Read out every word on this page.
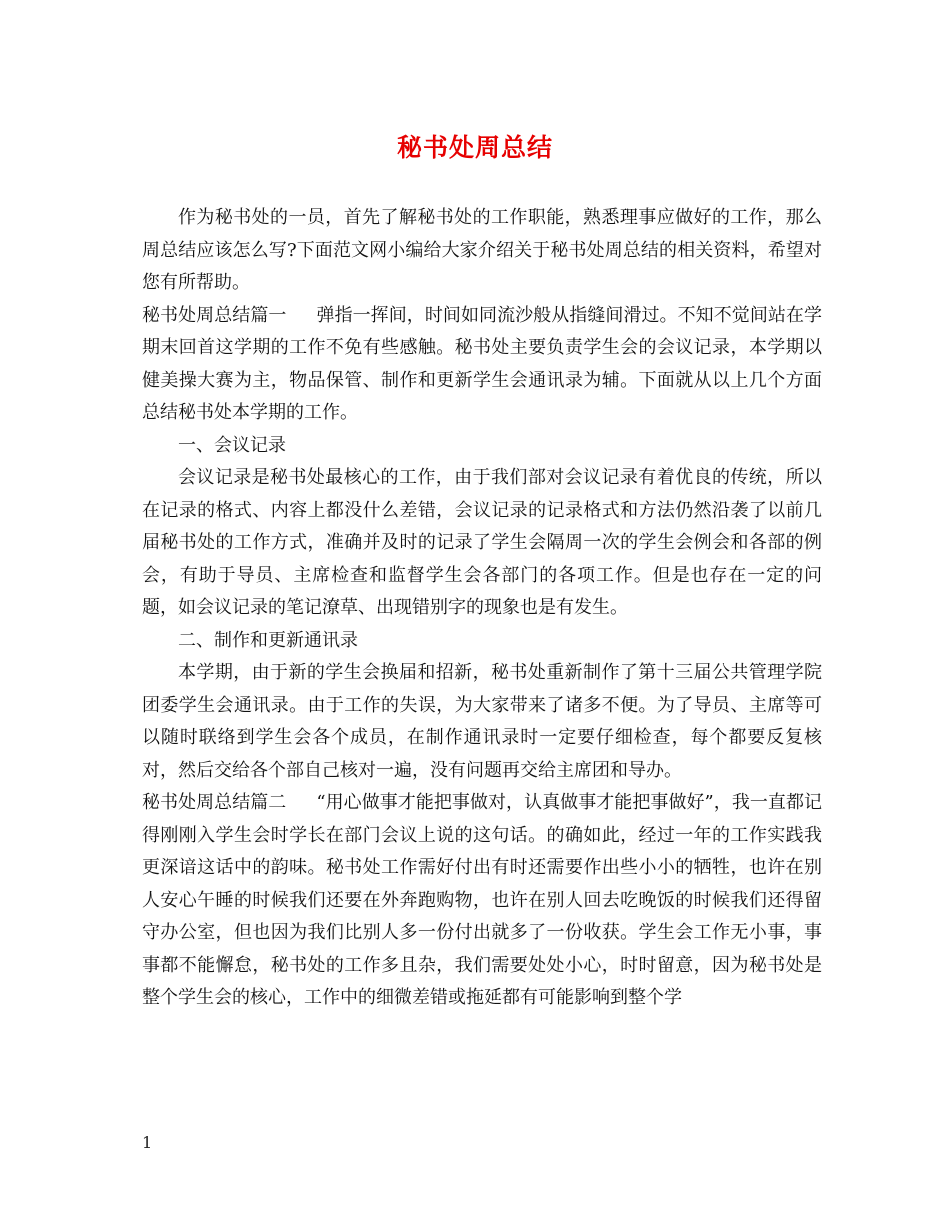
秘书处周总结

作为秘书处的一员，首先了解秘书处的工作职能，熟悉理事应做好的工作，那么周总结应该怎么写?下面范文网小编给大家介绍关于秘书处周总结的相关资料，希望对您有所帮助。

秘书处周总结篇一 弹指一挥间，时间如同流沙般从指缝间滑过。不知不觉间站在学期末回首这学期的工作不免有些感触。秘书处主要负责学生会的会议记录，本学期以健美操大赛为主，物品保管、制作和更新学生会通讯录为辅。下面就从以上几个方面总结秘书处本学期的工作。

一、会议记录

会议记录是秘书处最核心的工作，由于我们部对会议记录有着优良的传统，所以在记录的格式、内容上都没什么差错，会议记录的记录格式和方法仍然沿袭了以前几届秘书处的工作方式，准确并及时的记录了学生会隔周一次的学生会例会和各部的例会，有助于导员、主席检查和监督学生会各部门的各项工作。但是也存在一定的问题，如会议记录的笔记潦草、出现错别字的现象也是有发生。

二、制作和更新通讯录

本学期，由于新的学生会换届和招新，秘书处重新制作了第十三届公共管理学院团委学生会通讯录。由于工作的失误，为大家带来了诸多不便。为了导员、主席等可以随时联络到学生会各个成员，在制作通讯录时一定要仔细检查，每个都要反复核对，然后交给各个部自己核对一遍，没有问题再交给主席团和导办。

秘书处周总结篇二 “用心做事才能把事做对，认真做事才能把事做好”，我一直都记得刚刚入学生会时学长在部门会议上说的这句话。的确如此，经过一年的工作实践我更深谙这话中的韵味。秘书处工作需好付出有时还需要作出些小小的牺牲，也许在别人安心午睡的时候我们还要在外奔跑购物，也许在别人回去吃晚饭的时候我们还得留守办公室，但也因为我们比别人多一份付出就多了一份收获。学生会工作无小事，事事都不能懈怠，秘书处的工作多且杂，我们需要处处小心，时时留意，因为秘书处是整个学生会的核心，工作中的细微差错或拖延都有可能影响到整个学

1
